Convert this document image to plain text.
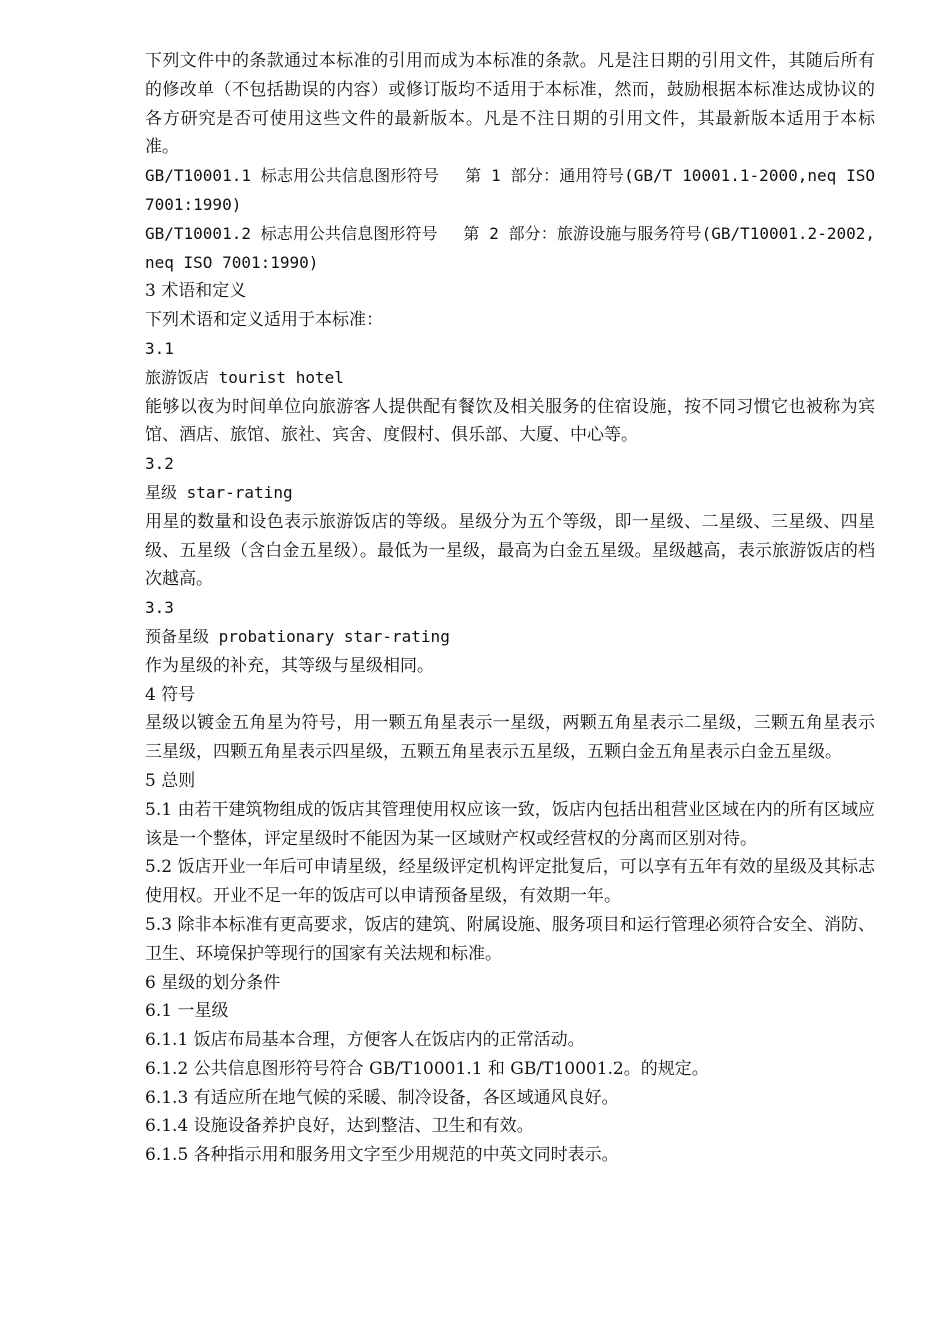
下列文件中的条款通过本标准的引用而成为本标准的条款。凡是注日期的引用文件，其随后所有的修改单（不包括勘误的内容）或修订版均不适用于本标准，然而，鼓励根据本标准达成协议的各方研究是否可使用这些文件的最新版本。凡是不注日期的引用文件，其最新版本适用于本标准。

GB/T10001.1 标志用公共信息图形符号　 第 1 部分：通用符号(GB/T 10001.1-2000,neq ISO 7001:1990)

GB/T10001.2 标志用公共信息图形符号　 第 2 部分：旅游设施与服务符号(GB/T10001.2-2002,neq ISO 7001:1990)

3 术语和定义

下列术语和定义适用于本标准：

3.1

旅游饭店 tourist hotel

能够以夜为时间单位向旅游客人提供配有餐饮及相关服务的住宿设施，按不同习惯它也被称为宾馆、酒店、旅馆、旅社、宾舍、度假村、俱乐部、大厦、中心等。

3.2

星级 star-rating

用星的数量和设色表示旅游饭店的等级。星级分为五个等级，即一星级、二星级、三星级、四星级、五星级（含白金五星级）。最低为一星级，最高为白金五星级。星级越高，表示旅游饭店的档次越高。

3.3

预备星级 probationary star-rating

作为星级的补充，其等级与星级相同。

4 符号

星级以镀金五角星为符号，用一颗五角星表示一星级，两颗五角星表示二星级，三颗五角星表示三星级，四颗五角星表示四星级，五颗五角星表示五星级，五颗白金五角星表示白金五星级。

5 总则

5.1 由若干建筑物组成的饭店其管理使用权应该一致，饭店内包括出租营业区域在内的所有区域应该是一个整体，评定星级时不能因为某一区域财产权或经营权的分离而区别对待。

5.2 饭店开业一年后可申请星级，经星级评定机构评定批复后，可以享有五年有效的星级及其标志使用权。开业不足一年的饭店可以申请预备星级，有效期一年。

5.3 除非本标准有更高要求，饭店的建筑、附属设施、服务项目和运行管理必须符合安全、消防、卫生、环境保护等现行的国家有关法规和标准。

6 星级的划分条件
6.1 一星级

6.1.1 饭店布局基本合理，方便客人在饭店内的正常活动。

6.1.2 公共信息图形符号符合 GB/T10001.1 和 GB/T10001.2。的规定。

6.1.3 有适应所在地气候的采暖、制冷设备，各区域通风良好。

6.1.4 设施设备养护良好，达到整洁、卫生和有效。

6.1.5 各种指示用和服务用文字至少用规范的中英文同时表示。
